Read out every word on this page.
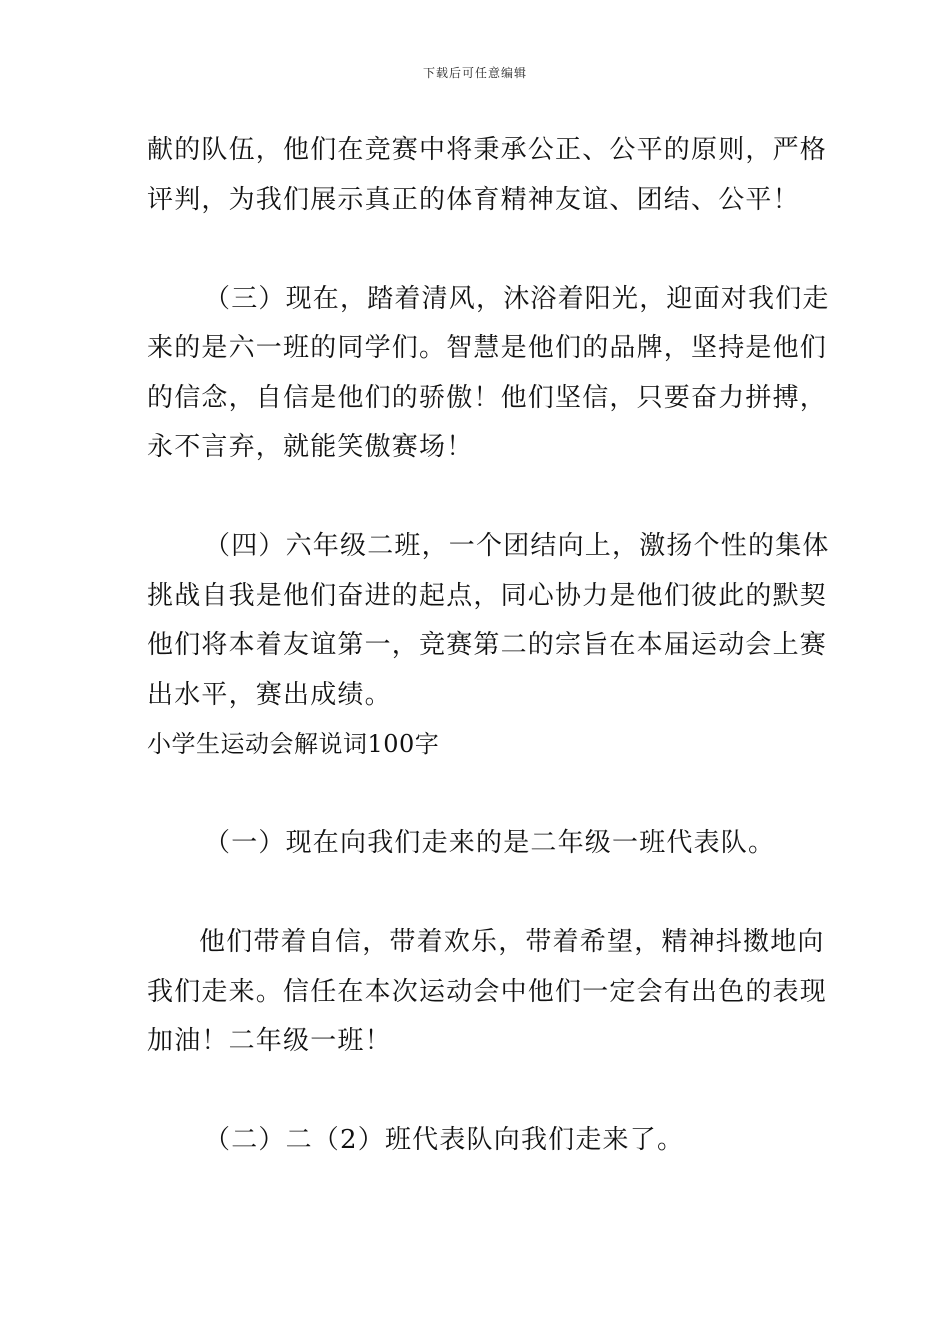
下载后可任意编辑

献的队伍，他们在竞赛中将秉承公正、公平的原则，严格

评判，为我们展示真正的体育精神友谊、团结、公平！

（三）现在，踏着清风，沐浴着阳光，迎面对我们走

来的是六一班的同学们。智慧是他们的品牌，坚持是他们

的信念，自信是他们的骄傲！他们坚信，只要奋力拼搏，

永不言弃，就能笑傲赛场！

（四）六年级二班，一个团结向上，激扬个性的集体

挑战自我是他们奋进的起点，同心协力是他们彼此的默契

他们将本着友谊第一，竞赛第二的宗旨在本届运动会上赛

出水平，赛出成绩。

小学生运动会解说词100字

（一）现在向我们走来的是二年级一班代表队。

他们带着自信，带着欢乐，带着希望，精神抖擞地向

我们走来。信任在本次运动会中他们一定会有出色的表现

加油！二年级一班！

（二）二（2）班代表队向我们走来了。
